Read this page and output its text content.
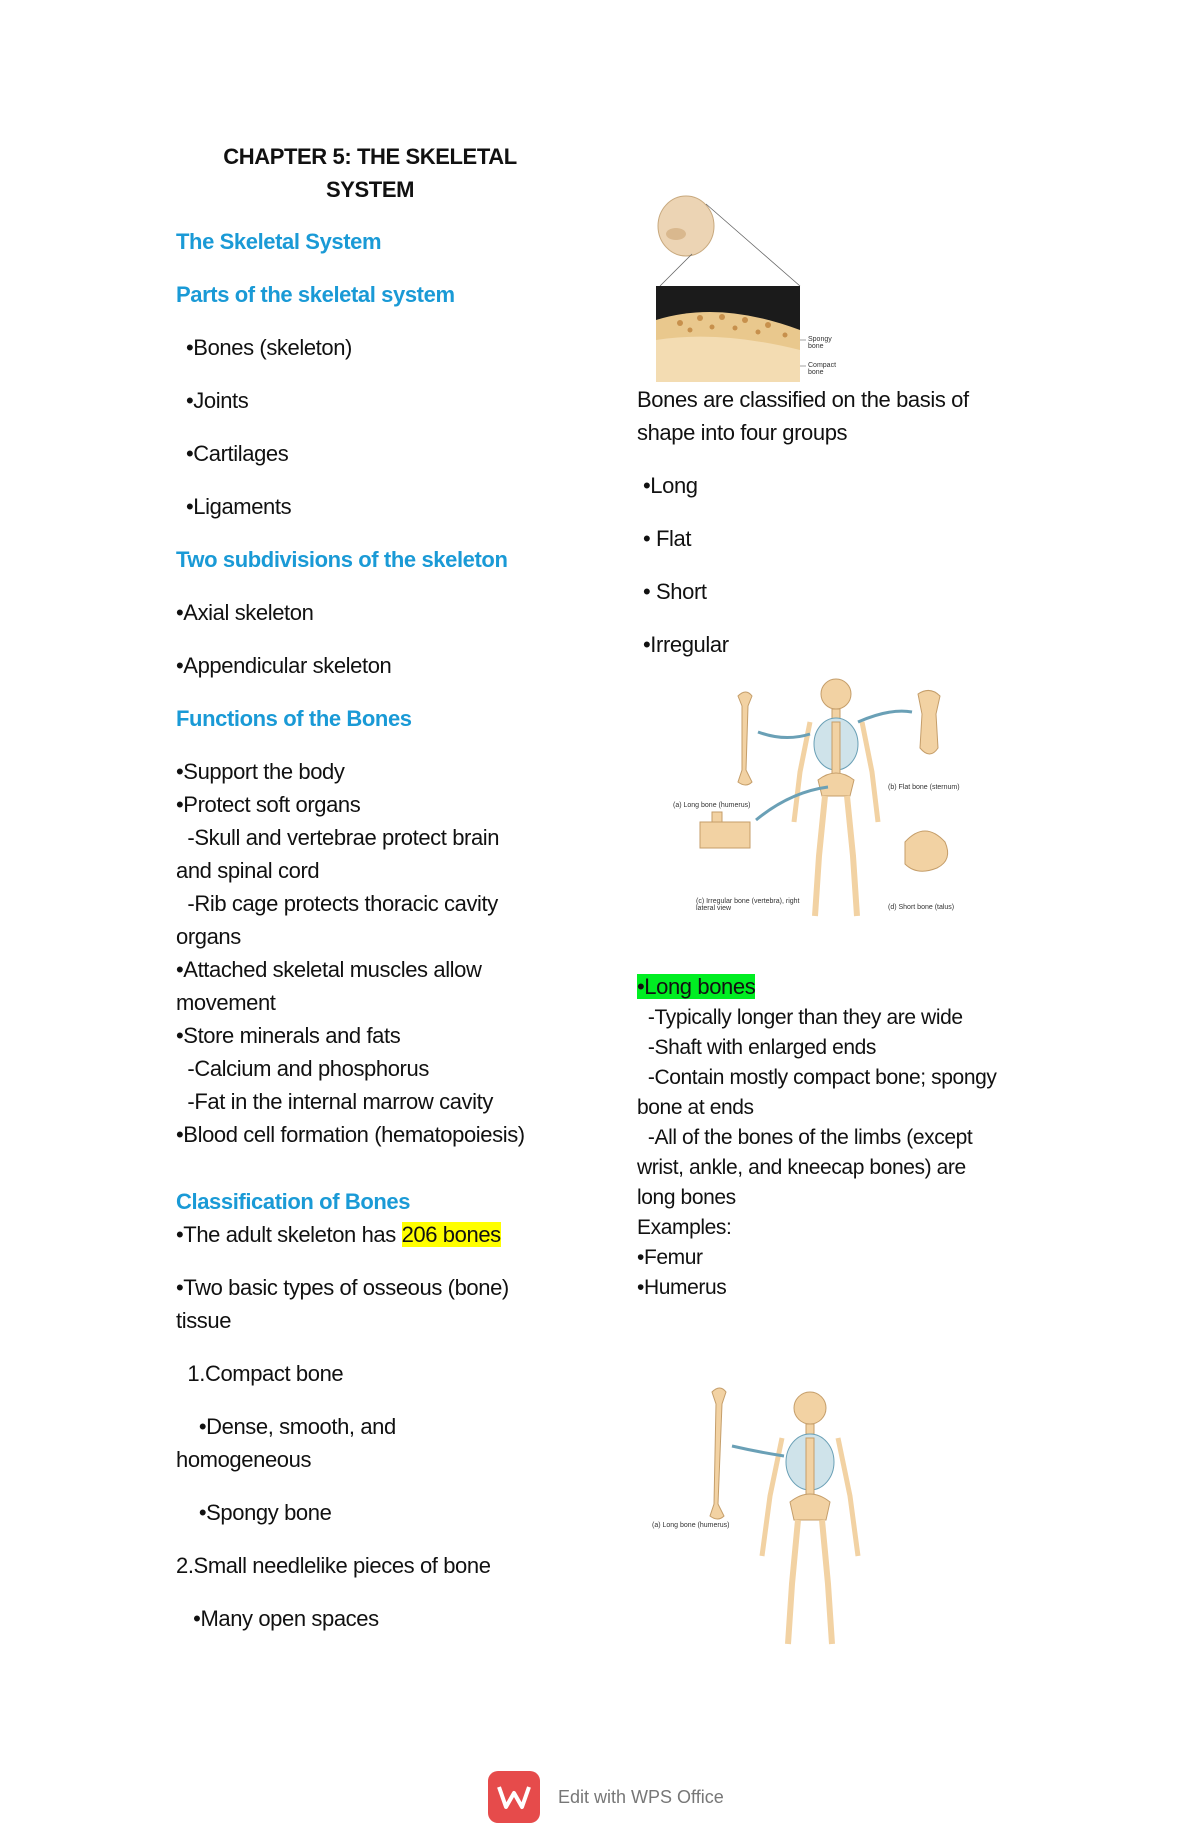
CHAPTER 5: THE SKELETAL
SYSTEM
The Skeletal System
Parts of the skeletal system
•Bones (skeleton)
•Joints
•Cartilages
•Ligaments
Two subdivisions of the skeleton
•Axial skeleton
•Appendicular skeleton
Functions of the Bones
•Support the body
•Protect soft organs
-Skull and vertebrae protect brain
and spinal cord
-Rib cage protects thoracic cavity
organs
•Attached skeletal muscles allow
movement
•Store minerals and fats
-Calcium and phosphorus
-Fat in the internal marrow cavity
•Blood cell formation (hematopoiesis)
Classification of Bones
•The adult skeleton has 206 bones
•Two basic types of osseous (bone)
tissue
1.Compact bone
•Dense, smooth, and
homogeneous
•Spongy bone
2.Small needlelike pieces of bone
•Many open spaces
Spongy bone
Compact bone
Bones are classified on the basis of
shape into four groups
•Long
• Flat
• Short
•Irregular
(a) Long bone (humerus)
(b) Flat bone (sternum)
(c) Irregular bone (vertebra), right lateral view	(d) Short bone (talus)
•Long bones
-Typically longer than they are wide
-Shaft with enlarged ends
-Contain mostly compact bone; spongy
bone at ends
-All of the bones of the limbs (except
wrist, ankle, and kneecap bones) are
long bones
Examples:
•Femur
•Humerus
(a) Long bone (humerus)
Edit with WPS Office
